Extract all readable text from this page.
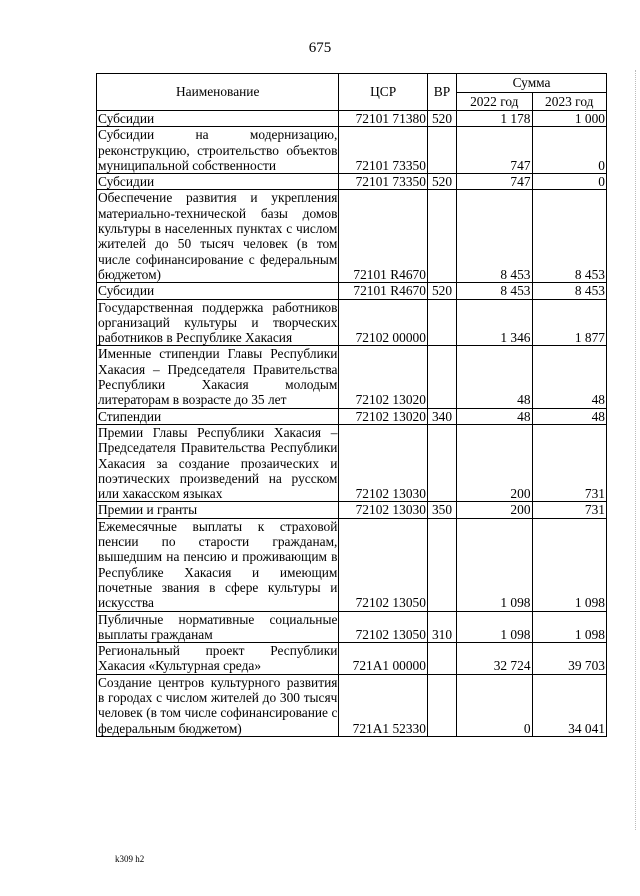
675
Наименование	ЦСР	ВР	Сумма	
			2022 год	2023 год
Субсидии	72101 71380	520	1 178	1 000
Субсидии на модернизацию, реконструкцию, строительство объектов муниципальной собственности	72101 73350		747	0
Субсидии	72101 73350	520	747	0
Обеспечение развития и укрепления материально-технической базы домов культуры в населенных пунктах с числом жителей до 50 тысяч человек (в том числе софинансирование с федеральным бюджетом)	72101 R4670		8 453	8 453
Субсидии	72101 R4670	520	8 453	8 453
Государственная поддержка работников организаций культуры и творческих работников в Республике Хакасия	72102 00000		1 346	1 877
Именные стипендии Главы Республики Хакасия – Председателя Правительства Республики Хакасия молодым литераторам в возрасте до 35 лет	72102 13020		48	48
Стипендии	72102 13020	340	48	48
Премии Главы Республики Хакасия – Председателя Правительства Республики Хакасия за создание прозаических и поэтических произведений на русском или хакасском языках	72102 13030		200	731
Премии и гранты	72102 13030	350	200	731
Ежемесячные выплаты к страховой пенсии по старости гражданам, вышедшим на пенсию и проживающим в Республике Хакасия и имеющим почетные звания в сфере культуры и искусства	72102 13050		1 098	1 098
Публичные нормативные социальные выплаты гражданам	72102 13050	310	1 098	1 098
Региональный проект Республики Хакасия «Культурная среда»	721A1 00000		32 724	39 703
Создание центров культурного развития в городах с числом жителей до 300 тысяч человек (в том числе софинансирование с федеральным бюджетом)	721A1 52330		0	34 041
k309 h2
